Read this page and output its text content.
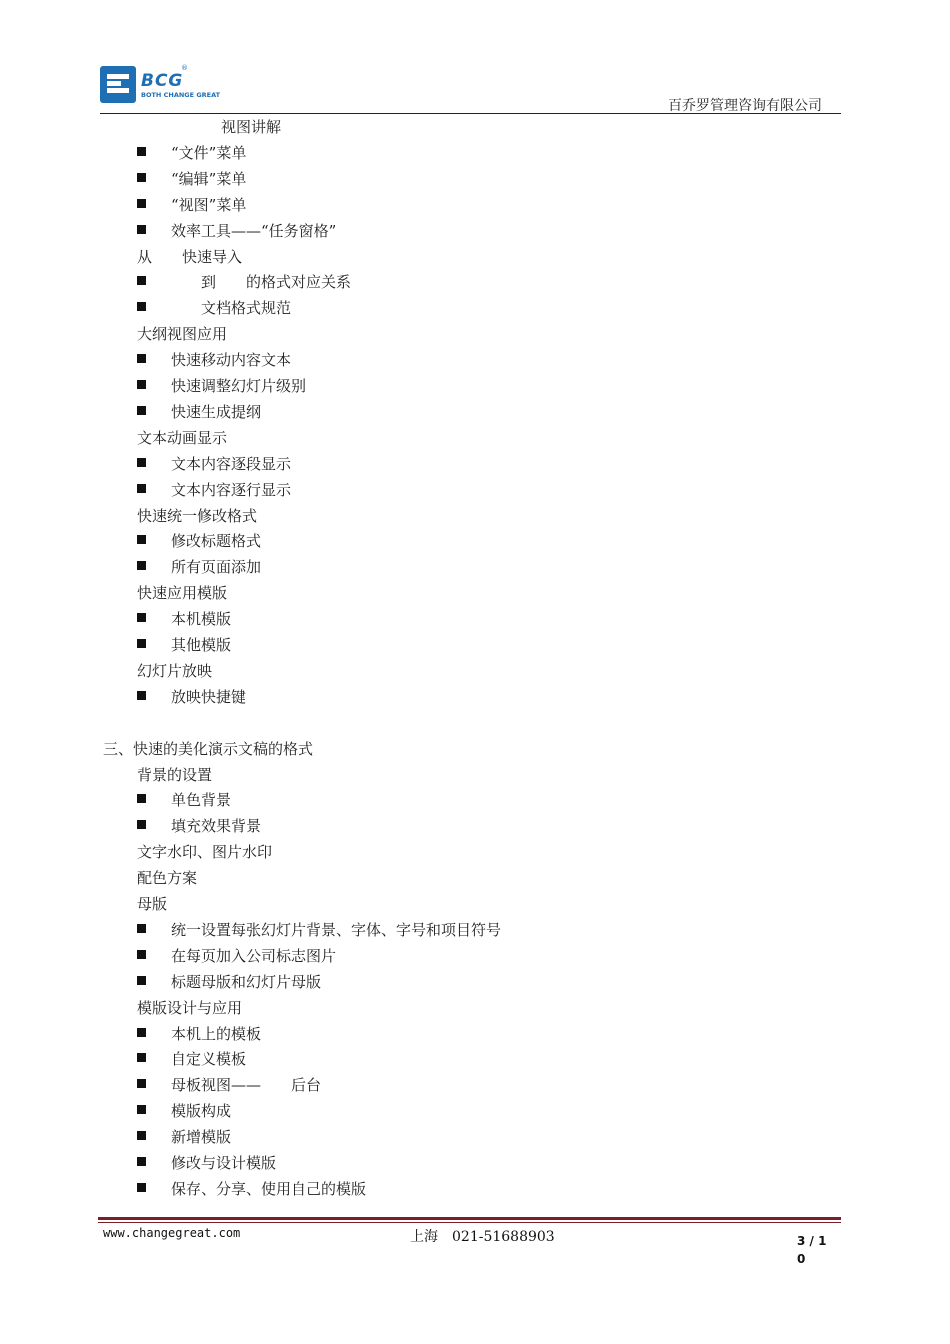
BCG
®
BOTH CHANGE GREAT
百乔罗管理咨询有限公司
视图讲解
“文件”菜单
“编辑”菜单
“视图”菜单
效率工具——“任务窗格”
从　　快速导入
　　到　　的格式对应关系
　　文档格式规范
大纲视图应用
快速移动内容文本
快速调整幻灯片级别
快速生成提纲
文本动画显示
文本内容逐段显示
文本内容逐行显示
快速统一修改格式
修改标题格式
所有页面添加
快速应用模版
本机模版
其他模版
幻灯片放映
放映快捷键
三、快速的美化演示文稿的格式
背景的设置
单色背景
填充效果背景
文字水印、图片水印
配色方案
母版
统一设置每张幻灯片背景、字体、字号和项目符号
在每页加入公司标志图片
标题母版和幻灯片母版
模版设计与应用
本机上的模板
自定义模板
母板视图——　　后台
模版构成
新增模版
修改与设计模版
保存、分享、使用自己的模版
www.changegreat.com	上海　021-51688903	3 / 1
0
